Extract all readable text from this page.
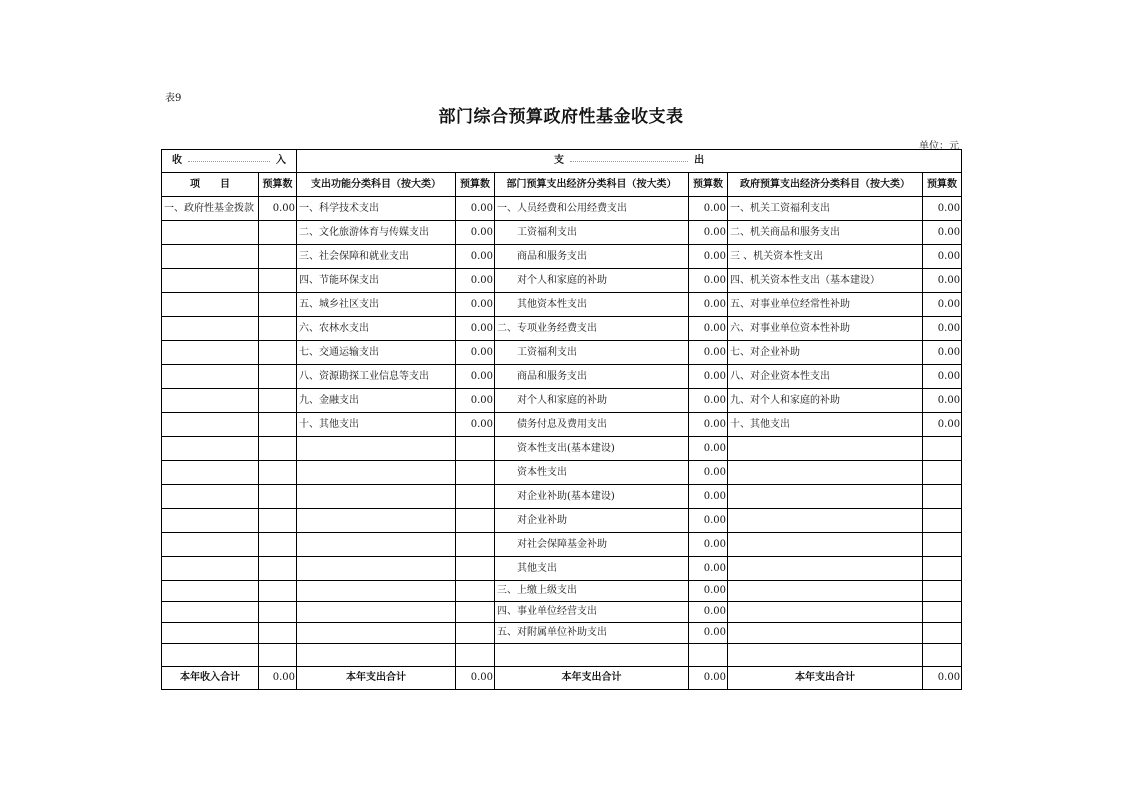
表9
部门综合预算政府性基金收支表
单位：元
收 入		支 出					

项　　目	预算数	支出功能分类科目（按大类）	预算数	部门预算支出经济分类科目（按大类）	预算数	政府预算支出经济分类科目（按大类）	预算数
一、政府性基金拨款	0.00	一、科学技术支出	0.00	一、人员经费和公用经费支出	0.00	一、机关工资福利支出	0.00
		二、文化旅游体育与传媒支出	0.00	工资福利支出	0.00	二、机关商品和服务支出	0.00
		三、社会保障和就业支出	0.00	商品和服务支出	0.00	三 、机关资本性支出	0.00
		四、节能环保支出	0.00	对个人和家庭的补助	0.00	四、机关资本性支出（基本建设）	0.00
		五、城乡社区支出	0.00	其他资本性支出	0.00	五、对事业单位经常性补助	0.00
		六、农林水支出	0.00	二、专项业务经费支出	0.00	六、对事业单位资本性补助	0.00
		七、交通运输支出	0.00	工资福利支出	0.00	七、对企业补助	0.00
		八、资源勘探工业信息等支出	0.00	商品和服务支出	0.00	八、对企业资本性支出	0.00
		九、金融支出	0.00	对个人和家庭的补助	0.00	九、对个人和家庭的补助	0.00
		十、其他支出	0.00	债务付息及费用支出	0.00	十、其他支出	0.00
				资本性支出(基本建设)	0.00		
				资本性支出	0.00		
				对企业补助(基本建设)	0.00		
				对企业补助	0.00		
				对社会保障基金补助	0.00		
				其他支出	0.00		
				三、上缴上级支出	0.00		
				四、事业单位经营支出	0.00		
				五、对附属单位补助支出	0.00		

本年收入合计	0.00	本年支出合计	0.00	本年支出合计	0.00	本年支出合计	0.00
